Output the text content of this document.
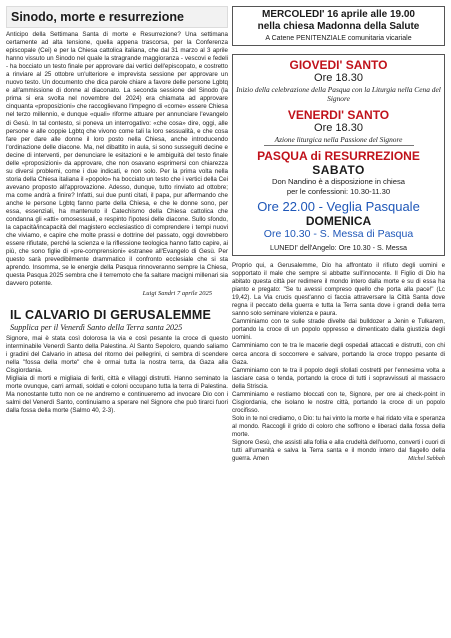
Sinodo, morte e resurrezione

Anticipo della Settimana Santa di morte e Resurrezione? Una settimana certamente ad alta tensione, quella appena trascorsa, per la Conferenza episcopale (Cei) e per la Chiesa cattolica italiana, che dal 31 marzo al 3 aprile hanno vissuto un Sinodo nel quale la stragrande maggioranza - vescovi e fedeli - ha bocciato un testo finale per approvare dai vertici dell'episcopato, e costretto a rinviare al 25 ottobre un'ulteriore e imprevista sessione per approvare un nuovo testo. Un documento che dica parole chiare a favore delle persone Lgbtq e all'ammissione di donne al diaconato. La seconda sessione del Sinodo (la prima si era svolta nel novembre del 2024) era chiamata ad approvare cinquanta «proposizioni» che raccoglievano l'impegno di «come» essere Chiesa nel terzo millennio, e dunque «quali» riforme attuare per annunciare l'evangelo di Gesù. In tal contesto, si poneva un interrogativo: «che cosa» dire, oggi, alle persone e alle coppie Lgbtq che vivono come tali la loro sessualità, e che cosa fare per dare alle donne il loro posto nella Chiesa, anche introducendo l'ordinazione delle diacone. Ma, nel dibattito in aula, si sono susseguiti decine e decine di interventi, per denunciare le esitazioni e le ambiguità del testo finale delle «proposizioni» da approvare, che non osavano esprimersi con chiarezza su diversi problemi, come i due indicati, e non solo. Per la prima volta nella storia della Chiesa italiana il «popolo» ha bocciato un testo che i vertici della Cei avevano proposto all'approvazione. Adesso, dunque, tutto rinviato ad ottobre; ma come andrà a finire? Infatti, sui due punti citati, il papa, pur affermando che anche le persone Lgbtq fanno parte della Chiesa, e che le donne sono, per essa, essenziali, ha mantenuto il Catechismo della Chiesa cattolica che condanna gli «atti» omosessuali, e respinto l'ipotesi delle diacone. Sullo sfondo, la capacità/incapacità del magistero ecclesiastico di comprendere i tempi nuovi che viviamo, e capire che molte prassi e dottrine del passato, oggi dovrebbero essere rifiutate, perché la scienza e la riflessione teologica hanno fatto capire, ai più, che sono figlie di «pre-comprensioni» estranee all'Evangelo di Gesù. Per questo sarà prevedibilmente drammatico il confronto ecclesiale che si sta aprendo. Insomma, se le energie della Pasqua rinnoveranno sempre la Chiesa, questa Pasqua 2025 sembra che il terremoto che fa saltare macigni millenari sia davvero potente.

Luigi Sandri 7 aprile 2025
IL CALVARIO DI GERUSALEMME
Supplica per il Venerdì Santo della Terra santa 2025

Signore, mai è stata così dolorosa la via e così pesante la croce di questo interminabile Venerdì Santo della Palestina. Al Santo Sepolcro, quando saliamo i gradini del Calvario in attesa del ritorno dei pellegrini, ci sembra di scendere nella "fossa della morte" che è ormai tutta la nostra terra, da Gaza alla Cisgiordania.

Migliaia di morti e migliaia di feriti, città e villaggi distrutti. Hanno seminato la morte ovunque, carri armati, soldati e coloni occupano tutta la terra di Palestina. Ma nonostante tutto non ce ne andremo e continueremo ad invocare Dio con i salmi del Venerdì Santo, continuiamo a sperare nel Signore che può tirarci fuori dalla fossa della morte (Salmo 40, 2-3).

MERCOLEDI' 16 aprile alle 19.00
nella chiesa Madonna della Salute
A Catene PENITENZIALE comunitaria vicariale
GIOVEDI' SANTO
Ore 18.30
Inizio della celebrazione della Pasqua con la Liturgia nella Cena del Signore
VENERDI' SANTO
Ore 18.30
Azione liturgica nella Passione del Signore
PASQUA di RESURREZIONE
SABATO
Don Nandino è a disposizione in chiesa
per le confessioni: 10.30-11.30
Ore 22.00 - Veglia Pasquale
DOMENICA
Ore 10.30 - S. Messa di Pasqua
LUNEDI' dell'Angelo: Ore 10.30 - S. Messa

Proprio qui, a Gerusalemme, Dio ha affrontato il rifiuto degli uomini e sopportato il male che sempre si abbatte sull'innocente. Il Figlio di Dio ha abitato questa città per redimere il mondo intero dalla morte e su di essa ha pianto e pregato: "Se tu avessi compreso quello che porta alla pace!" (Lc 19,42). La Via crucis quest'anno ci faccia attraversare la Città Santa dove regna il peccato della guerra e tutta la Terra santa dove i grandi della terra sanno solo seminare violenza e paura.

Camminiamo con te sulle strade divelte dai bulldozer a Jenin e Tulkarem, portando la croce di un popolo oppresso e dimenticato dalla giustizia degli uomini.

Camminiamo con te tra le macerie degli ospedali attaccati e distrutti, con chi cerca ancora di soccorrere e salvare, portando la croce troppo pesante di Gaza.

Camminiamo con te tra il popolo degli sfollati costretti per l'ennesima volta a lasciare casa o tenda, portando la croce di tutti i sopravvissuti al massacro della Striscia.

Camminiamo e restiamo bloccati con te, Signore, per ore ai check-point in Cisgiordania, che isolano le nostre città, portando la croce di un popolo crocifisso.

Solo in te noi crediamo, o Dio: tu hai vinto la morte e hai ridato vita e speranza al mondo. Raccogli il grido di coloro che soffrono e liberaci dalla fossa della morte.

Signore Gesù, che assisti alla follia e alla crudeltà dell'uomo, converti i cuori di tutti all'umanità e salva la Terra santa e il mondo intero dal flagello della guerra. Amen	Michel Sabbah
